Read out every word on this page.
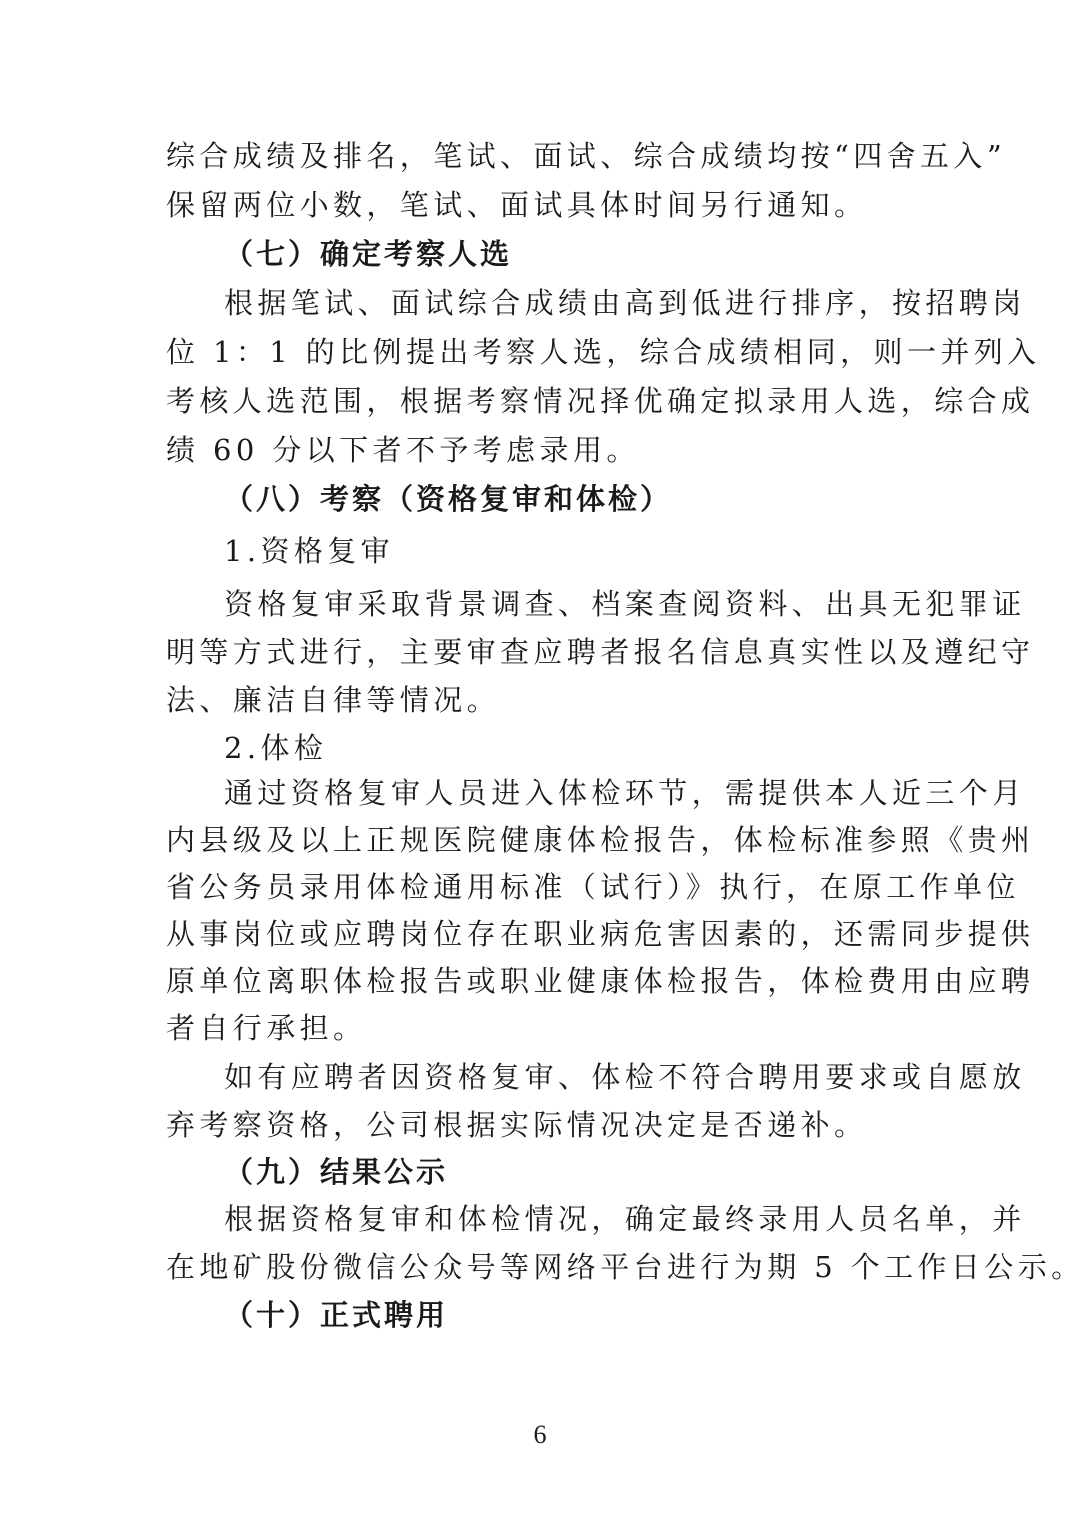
综合成绩及排名，笔试、面试、综合成绩均按“四舍五入”
保留两位小数，笔试、面试具体时间另行通知。
（七）确定考察人选
根据笔试、面试综合成绩由高到低进行排序，按招聘岗
位 1：1 的比例提出考察人选，综合成绩相同，则一并列入
考核人选范围，根据考察情况择优确定拟录用人选，综合成
绩 60 分以下者不予考虑录用。
（八）考察（资格复审和体检）
1.资格复审
资格复审采取背景调查、档案查阅资料、出具无犯罪证
明等方式进行，主要审查应聘者报名信息真实性以及遵纪守
法、廉洁自律等情况。
2.体检
通过资格复审人员进入体检环节，需提供本人近三个月
内县级及以上正规医院健康体检报告，体检标准参照《贵州
省公务员录用体检通用标准（试行）》执行，在原工作单位
从事岗位或应聘岗位存在职业病危害因素的，还需同步提供
原单位离职体检报告或职业健康体检报告，体检费用由应聘
者自行承担。
如有应聘者因资格复审、体检不符合聘用要求或自愿放
弃考察资格，公司根据实际情况决定是否递补。
（九）结果公示
根据资格复审和体检情况，确定最终录用人员名单，并
在地矿股份微信公众号等网络平台进行为期 5 个工作日公示。
（十）正式聘用
6
